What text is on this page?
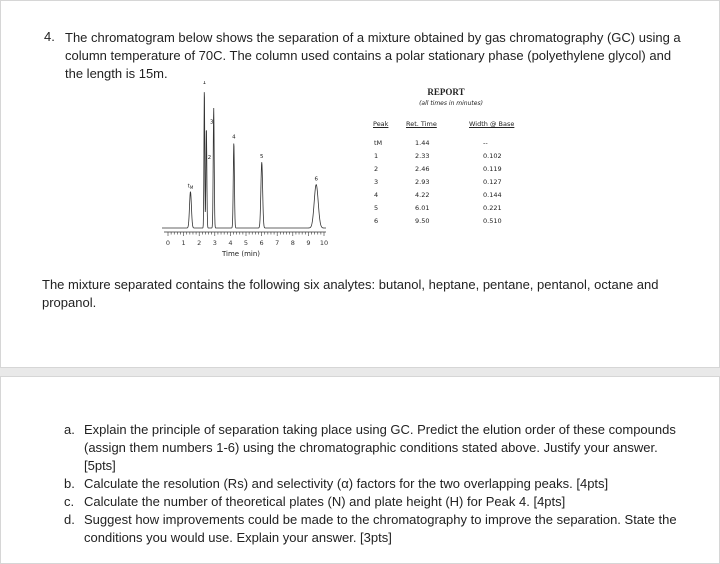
4. The chromatogram below shows the separation of a mixture obtained by gas chromatography (GC) using a
column temperature of 70C. The column used contains a polar stationary phase (polyethylene glycol) and
the length is 15m.
0 1 2 3 4 5 6 7 8 9 10
Time (min)
$t_M$
1
2
3
4
5
6
REPORT
(all times in minutes)
Peak	Ret. Time	Width @ Base
tM	1.44	--
1	2.33	0.102
2	2.46	0.119
3	2.93	0.127
4	4.22	0.144
5	6.01	0.221
6	9.50	0.510
The mixture separated contains the following six analytes: butanol, heptane, pentane, pentanol, octane and
propanol.
a. Explain the principle of separation taking place using GC. Predict the elution order of these compounds
(assign them numbers 1-6) using the chromatographic conditions stated above. Justify your answer.
[5pts]
b. Calculate the resolution (Rs) and selectivity (α) factors for the two overlapping peaks. [4pts]
c. Calculate the number of theoretical plates (N) and plate height (H) for Peak 4. [4pts]
d. Suggest how improvements could be made to the chromatography to improve the separation. State the
conditions you would use. Explain your answer. [3pts]
